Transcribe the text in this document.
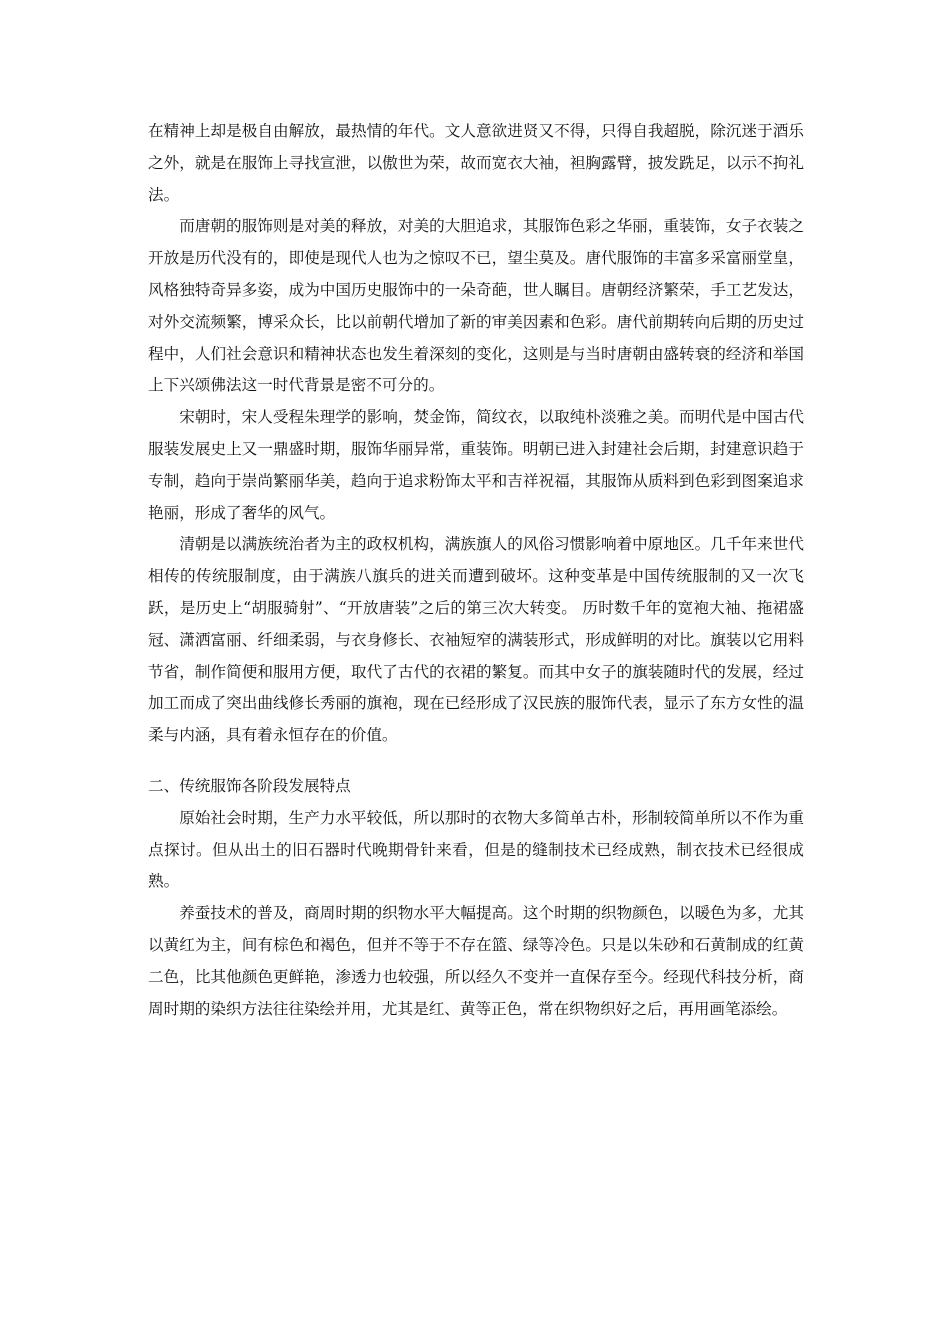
在精神上却是极自由解放，最热情的年代。文人意欲进贤又不得，只得自我超脱，除沉迷于酒乐之外，就是在服饰上寻找宣泄，以傲世为荣，故而宽衣大袖，袒胸露臂，披发跣足，以示不拘礼法。

而唐朝的服饰则是对美的释放，对美的大胆追求，其服饰色彩之华丽，重装饰，女子衣装之开放是历代没有的，即使是现代人也为之惊叹不已，望尘莫及。唐代服饰的丰富多采富丽堂皇，风格独特奇异多姿，成为中国历史服饰中的一朵奇葩，世人瞩目。唐朝经济繁荣，手工艺发达，对外交流频繁，博采众长，比以前朝代增加了新的审美因素和色彩。唐代前期转向后期的历史过程中，人们社会意识和精神状态也发生着深刻的变化，这则是与当时唐朝由盛转衰的经济和举国上下兴颂佛法这一时代背景是密不可分的。

宋朝时，宋人受程朱理学的影响，焚金饰，简纹衣，以取纯朴淡雅之美。而明代是中国古代服装发展史上又一鼎盛时期，服饰华丽异常，重装饰。明朝已进入封建社会后期，封建意识趋于专制，趋向于崇尚繁丽华美，趋向于追求粉饰太平和吉祥祝福，其服饰从质料到色彩到图案追求艳丽，形成了奢华的风气。

清朝是以满族统治者为主的政权机构，满族旗人的风俗习惯影响着中原地区。几千年来世代相传的传统服制度，由于满族八旗兵的进关而遭到破坏。这种变革是中国传统服制的又一次飞跃，是历史上“胡服骑射”、“开放唐装”之后的第三次大转变。 历时数千年的宽袍大袖、拖裙盛冠、潇洒富丽、纤细柔弱，与衣身修长、衣袖短窄的满装形式，形成鲜明的对比。旗装以它用料节省，制作简便和服用方便，取代了古代的衣裙的繁复。而其中女子的旗装随时代的发展，经过加工而成了突出曲线修长秀丽的旗袍，现在已经形成了汉民族的服饰代表，显示了东方女性的温柔与内涵，具有着永恒存在的价值。

二、传统服饰各阶段发展特点

原始社会时期，生产力水平较低，所以那时的衣物大多简单古朴，形制较简单所以不作为重点探讨。但从出土的旧石器时代晚期骨针来看，但是的缝制技术已经成熟，制衣技术已经很成熟。

养蚕技术的普及，商周时期的织物水平大幅提高。这个时期的织物颜色，以暖色为多，尤其以黄红为主，间有棕色和褐色，但并不等于不存在篮、绿等冷色。只是以朱砂和石黄制成的红黄二色，比其他颜色更鲜艳，渗透力也较强，所以经久不变并一直保存至今。经现代科技分析，商周时期的染织方法往往染绘并用，尤其是红、黄等正色，常在织物织好之后，再用画笔添绘。
